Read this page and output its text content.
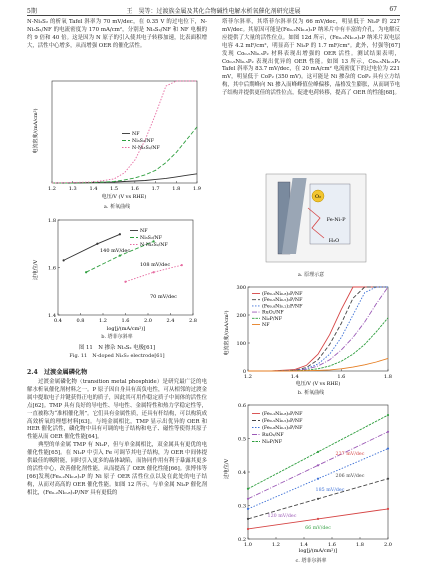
5期	王　昊等：过渡族金属及其化合物碱性电解水析氧催化剂研究进展	67

N-Ni₃S₂ 的析氧 Tafel 斜率为 70 mV/dec，在 0.35 V 的过电位下，N-Ni₃S₂/NF 的电流密度为 170 mA/cm²，分别是 Ni₃S₂/NF 和 NF 电极的约 9 倍和 40 倍。这是因为 N 原子的引入使其电子转移加速，比表面积增大，活性中心增多，从而增强 OER 的催化活性。

电流密度/(mA/cm²)
1.2	1.3	1.4	1.5	1.6	1.7	1.8	1.9
NF
Ni₃S₂/NF
N-Ni₃S₂/NF
电压/V (V vs RHE)
a. 析氧曲线
过电位/V
0.4	0.8	1.2	1.6	2.0	2.4	2.8
1.4
1.6
1.8
NF
Ni₃S₂/NF
N-Ni₃S₂/NF
140 mV/dec
108 mV/dec
70 mV/dec
log[j/(mA/cm²)]
b. 塔菲尔斜率
图 11　N 掺杂 Ni₃S₂ 电极[61]
Fig. 11　N-doped Ni₃S₂ electrode[61]
2.4　过渡金属磷化物

过渡金属磷化物（transition metal phosphide）是研究最广泛的电解水析氧催化剂材料之一。P 原子因自身具有高负电性，可从相邻的过渡金属中提取电子并键获得正电的质子，因此其可用作稳定质子中间体的活性位点[62]。TMP 具有良好的导电性、导电性、金属特性和热力学稳定性等，一直被称为“准相催化剂”。它们具有金属性质，还具有杆结构，可以构筑成高效析氧的理想材料[63]。与纯金属相比，TMP 显示出优异的 OER 和 HER 催化活性，磷化物中具有可调的电子结构和电子、磁性等使得其原子性能从而 OER 催化性能[64]。

典型的单金属 TMP 有 Ni₂P，但与单金属相比，双金属具有更优的电催化性能[65]。在 Ni₂P 中引入 Fe 可调节其电子结构，为 OER 中间体提供最佳的吸附能，同时引入更多的晶体缺陷，而协同作用有利于暴露其更多的活性中心，改善催化剂性能，从而提高了 OER 催化性能[66]。张博伟等[66]发现(Fe₀.₂Ni₀.₈)₂P 的 Ni 原子 OER 活性位点以及在此处的电子结构，从而对高高的 OER 催化性能。如图 12 所示，与单金属 Ni₂P 催化剂相比，(Fe₀.₂Ni₀.₈)₂P/NF 具有更低的

塔菲尔斜率，其塔菲尔斜率仅为 66 mV/dec，明显低于 Ni₂P 的 227 mV/dec。其原因可能是(Fe₀.₂Ni₀.₈)₂P 纳米片中有丰富的介孔，为电解反应提供了大量的活性位点。如图 12d 所示，(Fe₀.₂Ni₀.₈)₂P 纳米片双电层电容 4.2 mF/cm²，明显高于 Ni₂P 的 1.7 mF/cm²。此外，付强等[67]发现 Co₀.₅Ni₀.₅P₂ 材料表现出增强的 OER 活性。测试结果表明，Co₀.₅Ni₀.₅P₂ 表现出优异的 OER 性能。如图 13 所示，Co₀.₅Ni₀.₅P₂ Tafel 斜率为 83.7 mV/dec，在 20 mA/cm² 电流密度下的过电位为 221 mV，明显低于 CoP₂ (350 mV)。这可能是 Ni 掺杂的 CoP₂ 具有立方结构，其中后期峰向 Ni 掺入而峰峰值位峰偏移，晶格发生膨胀，从而调节电子结构并提供更佳的活性位点，促进电荷转移，提高了 OER 的性能[68]。

O₂
Fe-Ni-P
H₂O
a. 原理示意
电流密度/(mA/cm²)
1.2	1.4	1.6	1.8
0
100
200
300
(Fe₀.₂Ni₀.₈)₂P/NF
(Fe₀.₅Ni₀.₅)₂P/NF
(Fe₀.₈Ni₀.₂)₂P/NF
RuO₂/NF
Ni₂P/NF
NF
电压/V (V vs RHE)
b. 析氧曲线
过电位/V
1.0	1.2	1.4	1.6	1.8	2.0
0.2
0.3
0.4
0.5
0.6
(Fe₀.₂Ni₀.₈)₂P/NF
(Fe₀.₅Ni₀.₅)₂P/NF
(Fe₀.₈Ni₀.₂)₂P/NF
RuO₂/NF
Ni₂P/NF
227 mV/dec
206 mV/dec
185 mV/dec
120 mV/dec
66 mV/dec
log[j/(mA/cm²)]
c. 塔菲尔斜率
